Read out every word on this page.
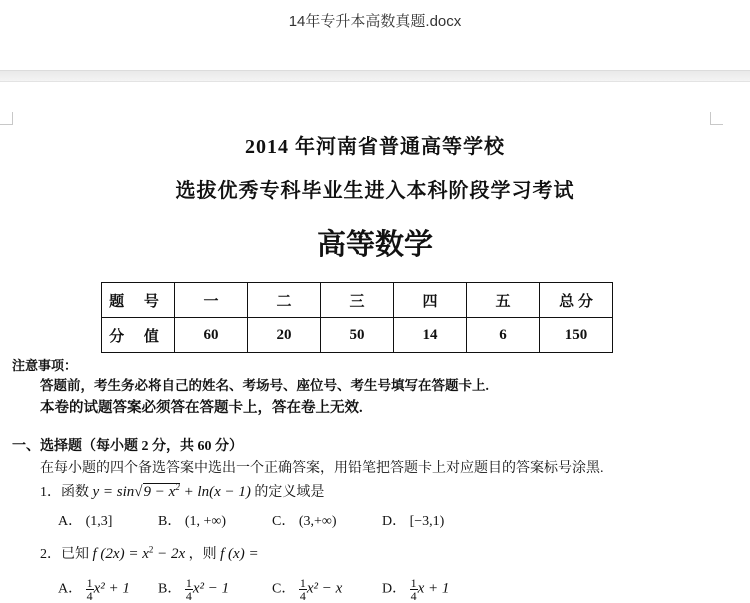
14年专升本高数真题.docx
2014 年河南省普通高等学校
选拔优秀专科毕业生进入本科阶段学习考试
高等数学
题 号	一	二	三	四	五	总 分
分 值	60	20	50	14	6	150
注意事项：
答题前，考生务必将自己的姓名、考场号、座位号、考生号填写在答题卡上.
本卷的试题答案必须答在答题卡上，答在卷上无效.
一、选择题（每小题 2 分，共 60 分）
在每小题的四个备选答案中选出一个正确答案，用铅笔把答题卡上对应题目的答案标号涂黑.
1．函数 $y = \sin√9 - x^2 + \ln(x - 1)$ 的定义域是
A． (1,3]	B． (1, +∞)	C． (3,+∞)	D． [−3,1)
2．已知 f $(2x) = x^2 - 2x$ ，则 f (x) =
A． $\frac{1}{4} x^2 + 1$ B． $\frac{1}{4} x^2 - 1$	C． $\frac{1}{4} x^2 - x$	D． $\frac{1}{4}$ x + 1
